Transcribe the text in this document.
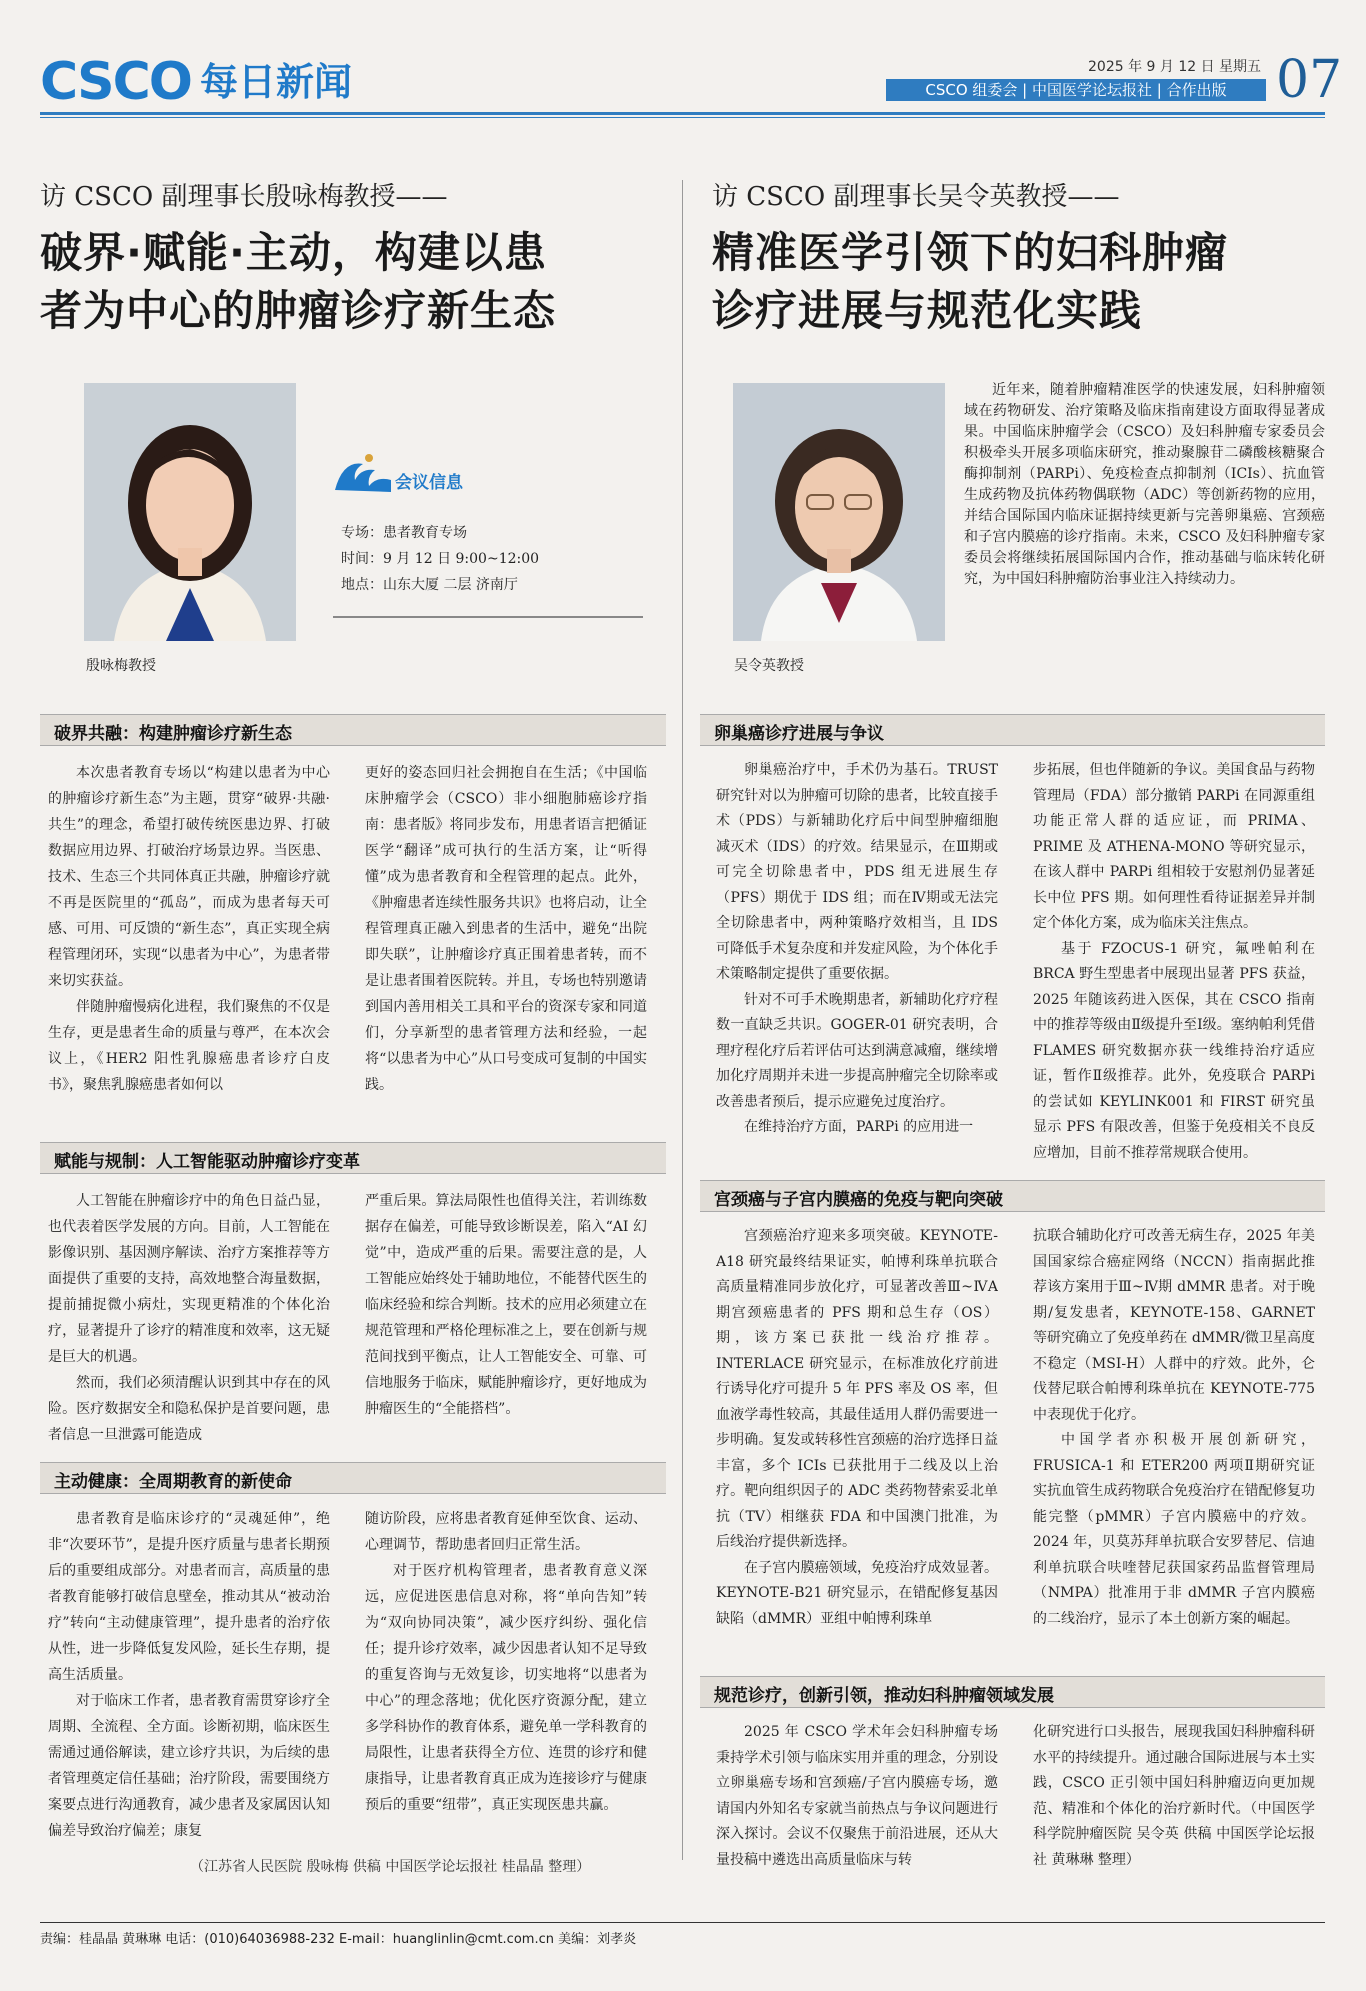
CSCO 每日新闻	2025 年 9 月 12 日 星期五
CSCO 组委会 | 中国医学论坛报社 | 合作出版 07

访 CSCO 副理事长殷咏梅教授——

破界·赋能·主动，构建以患
者为中心的肿瘤诊疗新生态

殷咏梅教授
会议信息
专场：患者教育专场
时间：9 月 12 日 9:00~12:00
地点：山东大厦 二层 济南厅
破界共融：构建肿瘤诊疗新生态

本次患者教育专场以“构建以患者为中心的肿瘤诊疗新生态”为主题，贯穿“破界·共融·共生”的理念，希望打破传统医患边界、打破数据应用边界、打破治疗场景边界。当医患、技术、生态三个共同体真正共融，肿瘤诊疗就不再是医院里的“孤岛”，而成为患者每天可感、可用、可反馈的“新生态”，真正实现全病程管理闭环，实现“以患者为中心”，为患者带来切实获益。

伴随肿瘤慢病化进程，我们聚焦的不仅是生存，更是患者生命的质量与尊严，在本次会议上，《HER2 阳性乳腺癌患者诊疗白皮书》，聚焦乳腺癌患者如何以

更好的姿态回归社会拥抱自在生活；《中国临床肿瘤学会（CSCO）非小细胞肺癌诊疗指南：患者版》将同步发布，用患者语言把循证医学“翻译”成可执行的生活方案，让“听得懂”成为患者教育和全程管理的起点。此外，《肿瘤患者连续性服务共识》也将启动，让全程管理真正融入到患者的生活中，避免“出院即失联”，让肿瘤诊疗真正围着患者转，而不是让患者围着医院转。并且，专场也特别邀请到国内善用相关工具和平台的资深专家和同道们，分享新型的患者管理方法和经验，一起将“以患者为中心”从口号变成可复制的中国实践。

赋能与规制：人工智能驱动肿瘤诊疗变革

人工智能在肿瘤诊疗中的角色日益凸显，也代表着医学发展的方向。目前，人工智能在影像识别、基因测序解读、治疗方案推荐等方面提供了重要的支持，高效地整合海量数据，提前捕捉微小病灶，实现更精准的个体化治疗，显著提升了诊疗的精准度和效率，这无疑是巨大的机遇。

然而，我们必须清醒认识到其中存在的风险。医疗数据安全和隐私保护是首要问题，患者信息一旦泄露可能造成

严重后果。算法局限性也值得关注，若训练数据存在偏差，可能导致诊断误差，陷入“AI 幻觉”中，造成严重的后果。需要注意的是，人工智能应始终处于辅助地位，不能替代医生的临床经验和综合判断。技术的应用必须建立在规范管理和严格伦理标准之上，要在创新与规范间找到平衡点，让人工智能安全、可靠、可信地服务于临床，赋能肿瘤诊疗，更好地成为肿瘤医生的“全能搭档”。

主动健康：全周期教育的新使命

患者教育是临床诊疗的“灵魂延伸”，绝非“次要环节”，是提升医疗质量与患者长期预后的重要组成部分。对患者而言，高质量的患者教育能够打破信息壁垒，推动其从“被动治疗”转向“主动健康管理”，提升患者的治疗依从性，进一步降低复发风险，延长生存期，提高生活质量。

对于临床工作者，患者教育需贯穿诊疗全周期、全流程、全方面。诊断初期，临床医生需通过通俗解读，建立诊疗共识，为后续的患者管理奠定信任基础；治疗阶段，需要围绕方案要点进行沟通教育，减少患者及家属因认知偏差导致治疗偏差；康复

随访阶段，应将患者教育延伸至饮食、运动、心理调节，帮助患者回归正常生活。

对于医疗机构管理者，患者教育意义深远，应促进医患信息对称，将“单向告知”转为“双向协同决策”，减少医疗纠纷、强化信任；提升诊疗效率，减少因患者认知不足导致的重复咨询与无效复诊，切实地将“以患者为中心”的理念落地；优化医疗资源分配，建立多学科协作的教育体系，避免单一学科教育的局限性，让患者获得全方位、连贯的诊疗和健康指导，让患者教育真正成为连接诊疗与健康预后的重要“纽带”，真正实现医患共赢。

（江苏省人民医院 殷咏梅 供稿 中国医学论坛报社 桂晶晶 整理）

访 CSCO 副理事长吴令英教授——

精准医学引领下的妇科肿瘤
诊疗进展与规范化实践

吴令英教授

近年来，随着肿瘤精准医学的快速发展，妇科肿瘤领域在药物研发、治疗策略及临床指南建设方面取得显著成果。中国临床肿瘤学会（CSCO）及妇科肿瘤专家委员会积极牵头开展多项临床研究，推动聚腺苷二磷酸核糖聚合酶抑制剂（PARPi）、免疫检查点抑制剂（ICIs）、抗血管生成药物及抗体药物偶联物（ADC）等创新药物的应用，并结合国际国内临床证据持续更新与完善卵巢癌、宫颈癌和子宫内膜癌的诊疗指南。未来，CSCO 及妇科肿瘤专家委员会将继续拓展国际国内合作，推动基础与临床转化研究，为中国妇科肿瘤防治事业注入持续动力。

卵巢癌诊疗进展与争议

卵巢癌治疗中，手术仍为基石。TRUST 研究针对以为肿瘤可切除的患者，比较直接手术（PDS）与新辅助化疗后中间型肿瘤细胞减灭术（IDS）的疗效。结果显示，在Ⅲ期或可完全切除患者中，PDS 组无进展生存（PFS）期优于 IDS 组；而在Ⅳ期或无法完全切除患者中，两种策略疗效相当，且 IDS 可降低手术复杂度和并发症风险，为个体化手术策略制定提供了重要依据。

针对不可手术晚期患者，新辅助化疗疗程数一直缺乏共识。GOGER-01 研究表明，合理疗程化疗后若评估可达到满意减瘤，继续增加化疗周期并未进一步提高肿瘤完全切除率或改善患者预后，提示应避免过度治疗。

在维持治疗方面，PARPi 的应用进一

步拓展，但也伴随新的争议。美国食品与药物管理局（FDA）部分撤销 PARPi 在同源重组功能正常人群的适应证，而 PRIMA、PRIME 及 ATHENA-MONO 等研究显示，在该人群中 PARPi 组相较于安慰剂仍显著延长中位 PFS 期。如何理性看待证据差异并制定个体化方案，成为临床关注焦点。

基于 FZOCUS-1 研究，氟唑帕利在 BRCA 野生型患者中展现出显著 PFS 获益，2025 年随该药进入医保，其在 CSCO 指南中的推荐等级由Ⅱ级提升至Ⅰ级。塞纳帕利凭借 FLAMES 研究数据亦获一线维持治疗适应证，暂作Ⅱ级推荐。此外，免疫联合 PARPi 的尝试如 KEYLINK001 和 FIRST 研究虽显示 PFS 有限改善，但鉴于免疫相关不良反应增加，目前不推荐常规联合使用。

宫颈癌与子宫内膜癌的免疫与靶向突破

宫颈癌治疗迎来多项突破。KEYNOTE-A18 研究最终结果证实，帕博利珠单抗联合高质量精准同步放化疗，可显著改善Ⅲ~ⅣA 期宫颈癌患者的 PFS 期和总生存（OS）期，该方案已获批一线治疗推荐。INTERLACE 研究显示，在标准放化疗前进行诱导化疗可提升 5 年 PFS 率及 OS 率，但血液学毒性较高，其最佳适用人群仍需要进一步明确。复发或转移性宫颈癌的治疗选择日益丰富，多个 ICIs 已获批用于二线及以上治疗。靶向组织因子的 ADC 类药物替索妥北单抗（TV）相继获 FDA 和中国澳门批准，为后线治疗提供新选择。

在子宫内膜癌领域，免疫治疗成效显著。KEYNOTE-B21 研究显示，在错配修复基因缺陷（dMMR）亚组中帕博利珠单

抗联合辅助化疗可改善无病生存，2025 年美国国家综合癌症网络（NCCN）指南据此推荐该方案用于Ⅲ~Ⅳ期 dMMR 患者。对于晚期/复发患者，KEYNOTE-158、GARNET 等研究确立了免疫单药在 dMMR/微卫星高度不稳定（MSI-H）人群中的疗效。此外，仑伐替尼联合帕博利珠单抗在 KEYNOTE-775 中表现优于化疗。

中国学者亦积极开展创新研究，FRUSICA-1 和 ETER200 两项Ⅱ期研究证实抗血管生成药物联合免疫治疗在错配修复功能完整（pMMR）子宫内膜癌中的疗效。2024 年，贝莫苏拜单抗联合安罗替尼、信迪利单抗联合呋喹替尼获国家药品监督管理局（NMPA）批准用于非 dMMR 子宫内膜癌的二线治疗，显示了本土创新方案的崛起。

规范诊疗，创新引领，推动妇科肿瘤领域发展

2025 年 CSCO 学术年会妇科肿瘤专场秉持学术引领与临床实用并重的理念，分别设立卵巢癌专场和宫颈癌/子宫内膜癌专场，邀请国内外知名专家就当前热点与争议问题进行深入探讨。会议不仅聚焦于前沿进展，还从大量投稿中遴选出高质量临床与转

化研究进行口头报告，展现我国妇科肿瘤科研水平的持续提升。通过融合国际进展与本土实践，CSCO 正引领中国妇科肿瘤迈向更加规范、精准和个体化的治疗新时代。（中国医学科学院肿瘤医院 吴令英 供稿 中国医学论坛报社 黄琳琳 整理）

责编：桂晶晶 黄琳琳 电话：(010)64036988-232 E-mail：huanglinlin@cmt.com.cn 美编：刘孝炎
